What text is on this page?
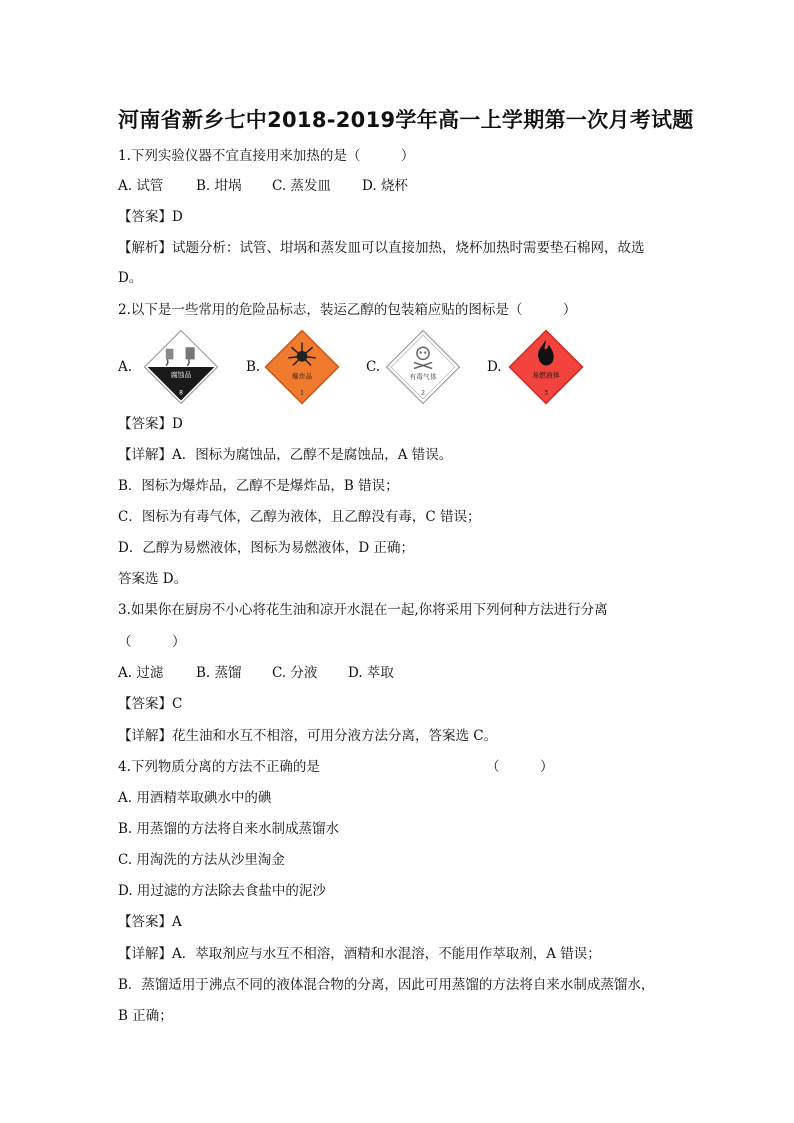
河南省新乡七中2018-2019学年高一上学期第一次月考试题
1.下列实验仪器不宜直接用来加热的是（　　　）
A. 试管 B. 坩埚 C. 蒸发皿 D. 烧杯
【答案】D
【解析】试题分析：试管、坩埚和蒸发皿可以直接加热，烧杯加热时需要垫石棉网，故选
D。
2.以下是一些常用的危险品标志，装运乙醇的包装箱应贴的图标是（　　　）
A.	腐蚀品
8
B.
爆炸品
1
C.
有毒气体
2
D.
易燃液体
3
【答案】D
【详解】A．图标为腐蚀品，乙醇不是腐蚀品，A 错误。
B．图标为爆炸品，乙醇不是爆炸品，B 错误；
C．图标为有毒气体，乙醇为液体，且乙醇没有毒，C 错误；
D．乙醇为易燃液体，图标为易燃液体，D 正确；
答案选 D。
3.如果你在厨房不小心将花生油和凉开水混在一起,你将采用下列何种方法进行分离
（　　　）
A. 过滤 B. 蒸馏 C. 分液 D. 萃取
【答案】C
【详解】花生油和水互不相溶，可用分液方法分离，答案选 C。
4.下列物质分离的方法不正确的是	（　　　）
A. 用酒精萃取碘水中的碘
B. 用蒸馏的方法将自来水制成蒸馏水
C. 用淘洗的方法从沙里淘金
D. 用过滤的方法除去食盐中的泥沙
【答案】A
【详解】A．萃取剂应与水互不相溶，酒精和水混溶，不能用作萃取剂，A 错误；
B．蒸馏适用于沸点不同的液体混合物的分离，因此可用蒸馏的方法将自来水制成蒸馏水，
B 正确；
